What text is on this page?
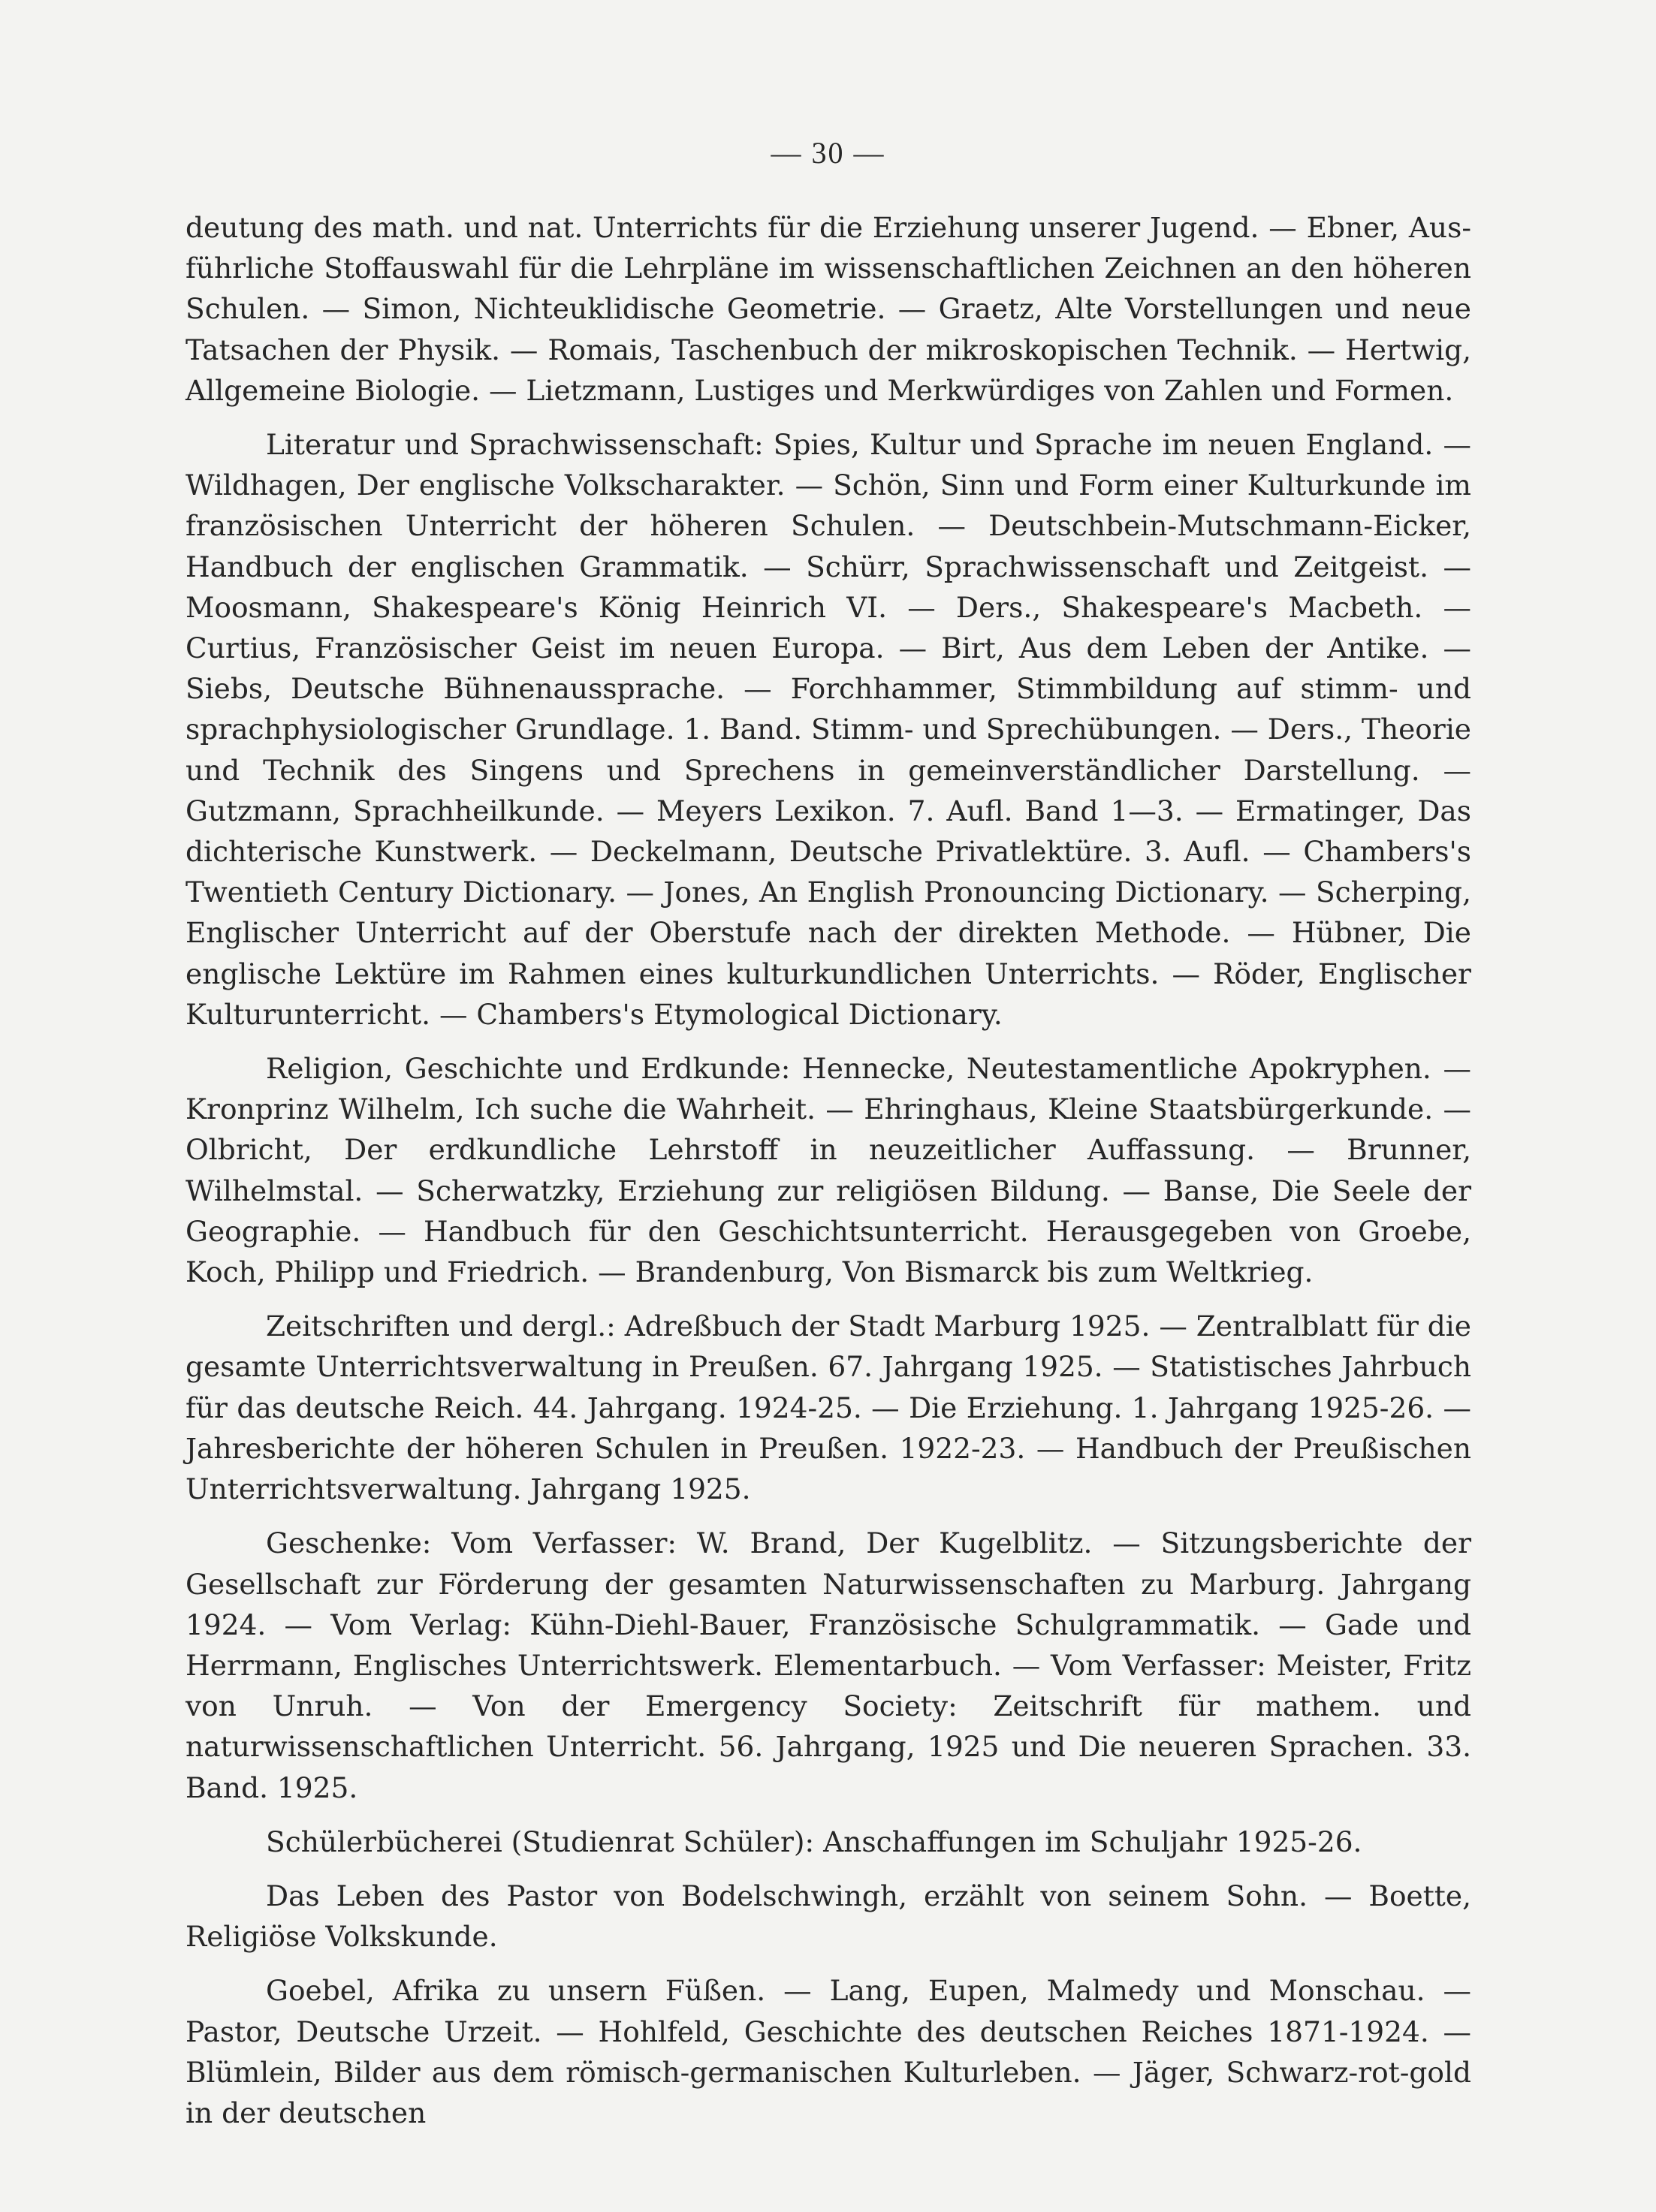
— 30 —

deutung des math. und nat. Unterrichts für die Erziehung unserer Jugend. — Ebner, Ausführliche Stoffauswahl für die Lehrpläne im wissenschaftlichen Zeichnen an den höheren Schulen. — Simon, Nichteuklidische Geometrie. — Graetz, Alte Vorstellungen und neue Tatsachen der Physik. — Romais, Taschenbuch der mikroskopischen Technik. — Hertwig, Allgemeine Biologie. — Lietzmann, Lustiges und Merkwürdiges von Zahlen und Formen.

Literatur und Sprachwissenschaft: Spies, Kultur und Sprache im neuen England. — Wildhagen, Der englische Volkscharakter. — Schön, Sinn und Form einer Kulturkunde im französischen Unterricht der höheren Schulen. — Deutschbein-Mutschmann-Eicker, Handbuch der englischen Grammatik. — Schürr, Sprachwissenschaft und Zeitgeist. — Moosmann, Shakespeare's König Heinrich VI. — Ders., Shakespeare's Macbeth. — Curtius, Französischer Geist im neuen Europa. — Birt, Aus dem Leben der Antike. — Siebs, Deutsche Bühnenaussprache. — Forchhammer, Stimmbildung auf stimm- und sprachphysiologischer Grundlage. 1. Band. Stimm- und Sprechübungen. — Ders., Theorie und Technik des Singens und Sprechens in gemeinverständlicher Darstellung. — Gutzmann, Sprachheilkunde. — Meyers Lexikon. 7. Aufl. Band 1—3. — Ermatinger, Das dichterische Kunstwerk. — Deckelmann, Deutsche Privatlektüre. 3. Aufl. — Chambers's Twentieth Century Dictionary. — Jones, An English Pronouncing Dictionary. — Scherping, Englischer Unterricht auf der Oberstufe nach der direkten Methode. — Hübner, Die englische Lektüre im Rahmen eines kulturkundlichen Unterrichts. — Röder, Englischer Kulturunterricht. — Chambers's Etymological Dictionary.

Religion, Geschichte und Erdkunde: Hennecke, Neutestamentliche Apokryphen. — Kronprinz Wilhelm, Ich suche die Wahrheit. — Ehringhaus, Kleine Staatsbürgerkunde. — Olbricht, Der erdkundliche Lehrstoff in neuzeitlicher Auffassung. — Brunner, Wilhelmstal. — Scherwatzky, Erziehung zur religiösen Bildung. — Banse, Die Seele der Geographie. — Handbuch für den Geschichtsunterricht. Herausgegeben von Groebe, Koch, Philipp und Friedrich. — Brandenburg, Von Bismarck bis zum Weltkrieg.

Zeitschriften und dergl.: Adreßbuch der Stadt Marburg 1925. — Zentralblatt für die gesamte Unterrichtsverwaltung in Preußen. 67. Jahrgang 1925. — Statistisches Jahrbuch für das deutsche Reich. 44. Jahrgang. 1924-25. — Die Erziehung. 1. Jahrgang 1925-26. — Jahresberichte der höheren Schulen in Preußen. 1922-23. — Handbuch der Preußischen Unterrichtsverwaltung. Jahrgang 1925.

Geschenke: Vom Verfasser: W. Brand, Der Kugelblitz. — Sitzungsberichte der Gesellschaft zur Förderung der gesamten Naturwissenschaften zu Marburg. Jahrgang 1924. — Vom Verlag: Kühn-Diehl-Bauer, Französische Schulgrammatik. — Gade und Herrmann, Englisches Unterrichtswerk. Elementarbuch. — Vom Verfasser: Meister, Fritz von Unruh. — Von der Emergency Society: Zeitschrift für mathem. und naturwissenschaftlichen Unterricht. 56. Jahrgang, 1925 und Die neueren Sprachen. 33. Band. 1925.

Schülerbücherei (Studienrat Schüler): Anschaffungen im Schuljahr 1925-26.

Das Leben des Pastor von Bodelschwingh, erzählt von seinem Sohn. — Boette, Religiöse Volkskunde.

Goebel, Afrika zu unsern Füßen. — Lang, Eupen, Malmedy und Monschau. — Pastor, Deutsche Urzeit. — Hohlfeld, Geschichte des deutschen Reiches 1871-1924. — Blümlein, Bilder aus dem römisch-germanischen Kulturleben. — Jäger, Schwarz-rot-gold in der deutschen
